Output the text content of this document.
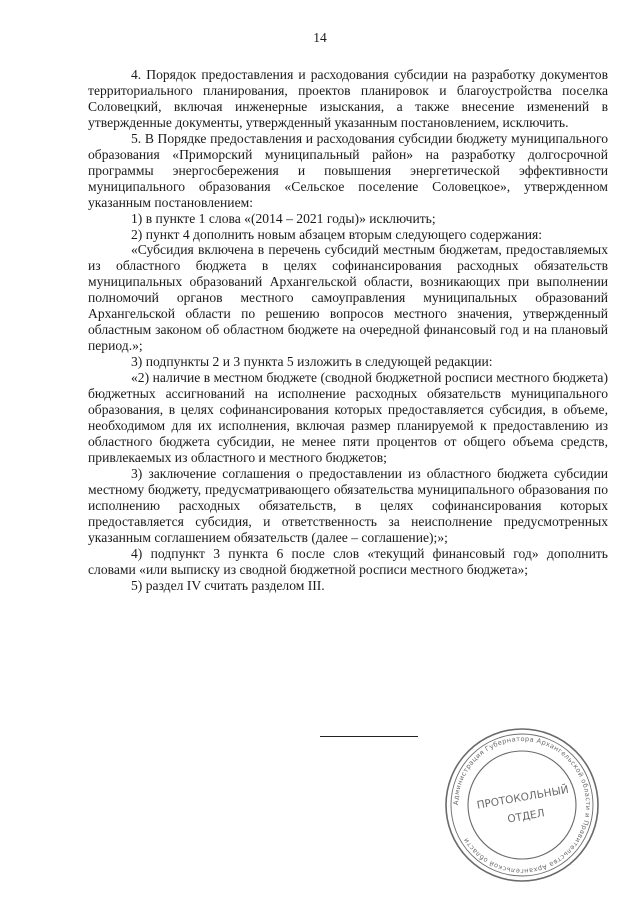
14

4. Порядок предоставления и расходования субсидии на разработку документов территориального планирования, проектов планировок и благоустройства поселка Соловецкий, включая инженерные изыскания, а также внесение изменений в утвержденные документы, утвержденный указанным постановлением, исключить.

5. В Порядке предоставления и расходования субсидии бюджету муниципального образования «Приморский муниципальный район» на разработку долгосрочной программы энергосбережения и повышения энергетической эффективности муниципального образования «Сельское поселение Соловецкое», утвержденном указанным постановлением:

1) в пункте 1 слова «(2014 – 2021 годы)» исключить;

2) пункт 4 дополнить новым абзацем вторым следующего содержания:

«Субсидия включена в перечень субсидий местным бюджетам, предоставляемых из областного бюджета в целях софинансирования расходных обязательств муниципальных образований Архангельской области, возникающих при выполнении полномочий органов местного самоуправления муниципальных образований Архангельской области по решению вопросов местного значения, утвержденный областным законом об областном бюджете на очередной финансовый год и на плановый период.»;

3) подпункты 2 и 3 пункта 5 изложить в следующей редакции:

«2) наличие в местном бюджете (сводной бюджетной росписи местного бюджета) бюджетных ассигнований на исполнение расходных обязательств муниципального образования, в целях софинансирования которых предоставляется субсидия, в объеме, необходимом для их исполнения, включая размер планируемой к предоставлению из областного бюджета субсидии, не менее пяти процентов от общего объема средств, привлекаемых из областного и местного бюджетов;

3) заключение соглашения о предоставлении из областного бюджета субсидии местному бюджету, предусматривающего обязательства муниципального образования по исполнению расходных обязательств, в целях софинансирования которых предоставляется субсидия, и ответственность за неисполнение предусмотренных указанным соглашением обязательств (далее – соглашение);»;

4) подпункт 3 пункта 6 после слов «текущий финансовый год» дополнить словами «или выписку из сводной бюджетной росписи местного бюджета»;

5) раздел IV считать разделом III.

Администрация Губернатора Архангельской области и Правительства Архангельской области
ПРОТОКОЛЬНЫЙ
ОТДЕЛ
